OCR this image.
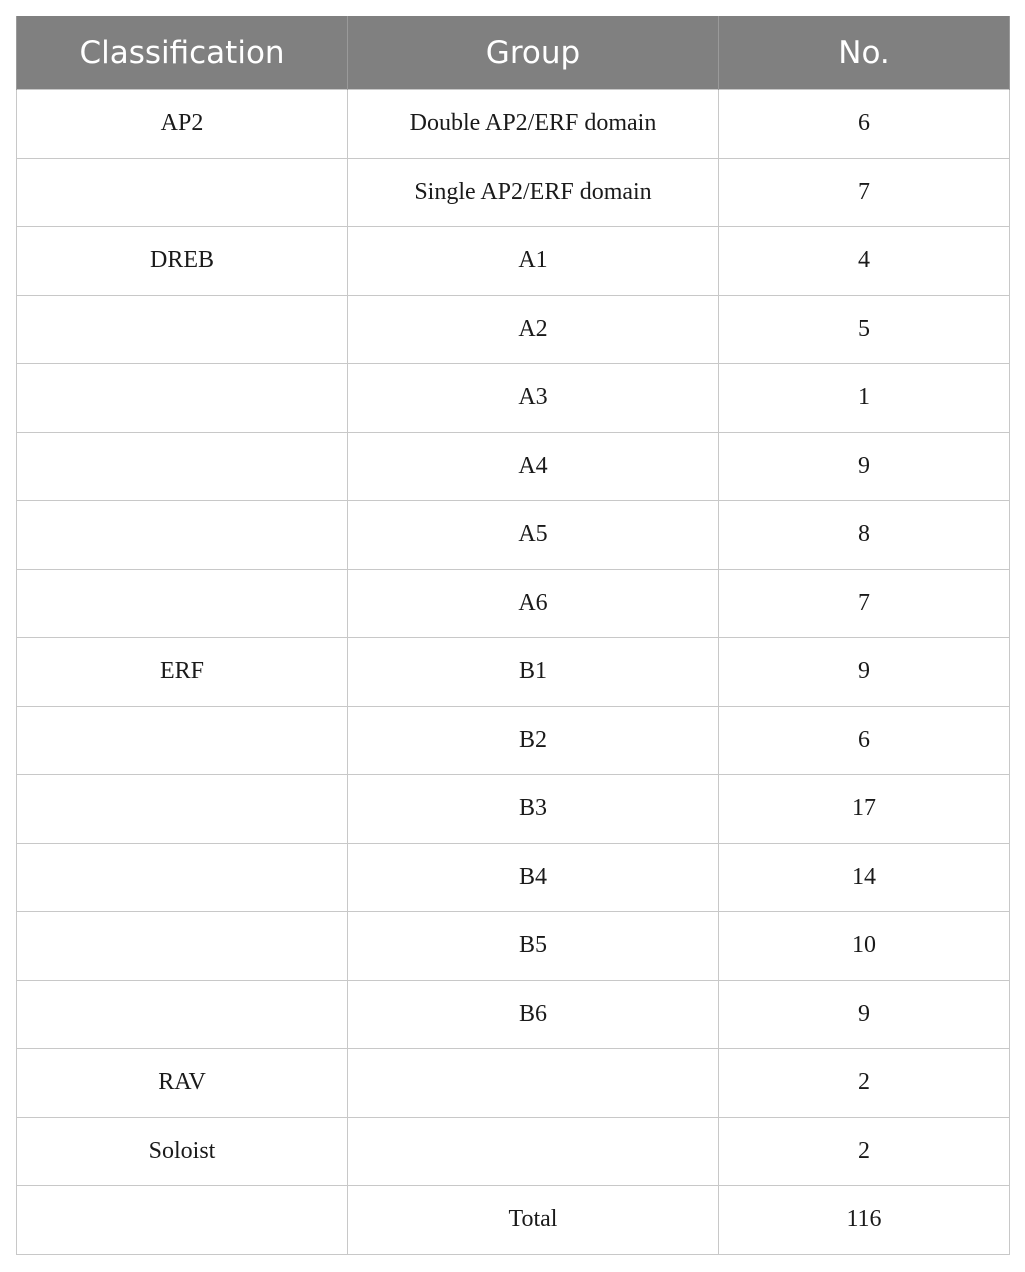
Classification	Group	No.
AP2	Double AP2/ERF domain	6
	Single AP2/ERF domain	7
DREB	A1	4
	A2	5
	A3	1
	A4	9
	A5	8
	A6	7
ERF	B1	9
	B2	6
	B3	17
	B4	14
	B5	10
	B6	9
RAV		2
Soloist		2
	Total	116
